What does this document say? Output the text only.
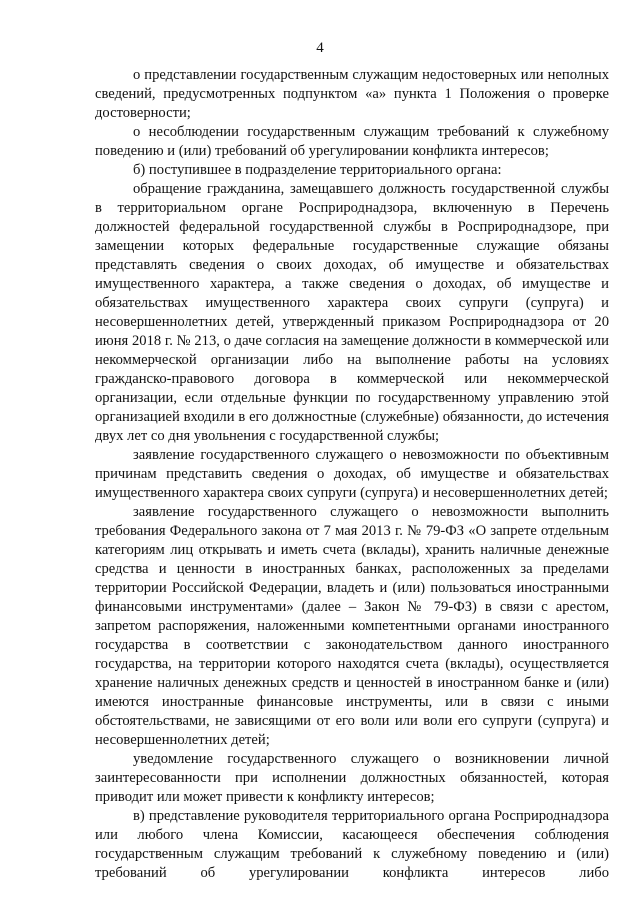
4

о представлении государственным служащим недостоверных или неполных сведений, предусмотренных подпунктом «а» пункта 1 Положения о проверке достоверности;

о несоблюдении государственным служащим требований к служебному поведению и (или) требований об урегулировании конфликта интересов;

б) поступившее в подразделение территориального органа:

обращение гражданина, замещавшего должность государственной службы в территориальном органе Росприроднадзора, включенную в Перечень должностей федеральной государственной службы в Росприроднадзоре, при замещении которых федеральные государственные служащие обязаны представлять сведения о своих доходах, об имуществе и обязательствах имущественного характера, а также сведения о доходах, об имуществе и обязательствах имущественного характера своих супруги (супруга) и несовершеннолетних детей, утвержденный приказом Росприроднадзора от 20 июня 2018 г. № 213, о даче согласия на замещение должности в коммерческой или некоммерческой организации либо на выполнение работы на условиях гражданско-правового договора в коммерческой или некоммерческой организации, если отдельные функции по государственному управлению этой организацией входили в его должностные (служебные) обязанности, до истечения двух лет со дня увольнения с государственной службы;

заявление государственного служащего о невозможности по объективным причинам представить сведения о доходах, об имуществе и обязательствах имущественного характера своих супруги (супруга) и несовершеннолетних детей;

заявление государственного служащего о невозможности выполнить требования Федерального закона от 7 мая 2013 г. № 79-ФЗ «О запрете отдельным категориям лиц открывать и иметь счета (вклады), хранить наличные денежные средства и ценности в иностранных банках, расположенных за пределами территории Российской Федерации, владеть и (или) пользоваться иностранными финансовыми инструментами» (далее – Закон № 79-ФЗ) в связи с арестом, запретом распоряжения, наложенными компетентными органами иностранного государства в соответствии с законодательством данного иностранного государства, на территории которого находятся счета (вклады), осуществляется хранение наличных денежных средств и ценностей в иностранном банке и (или) имеются иностранные финансовые инструменты, или в связи с иными обстоятельствами, не зависящими от его воли или воли его супруги (супруга) и несовершеннолетних детей;

уведомление государственного служащего о возникновении личной заинтересованности при исполнении должностных обязанностей, которая приводит или может привести к конфликту интересов;

в) представление руководителя территориального органа Росприроднадзора или любого члена Комиссии, касающееся обеспечения соблюдения государственным служащим требований к служебному поведению и (или) требований об урегулировании конфликта интересов либо
